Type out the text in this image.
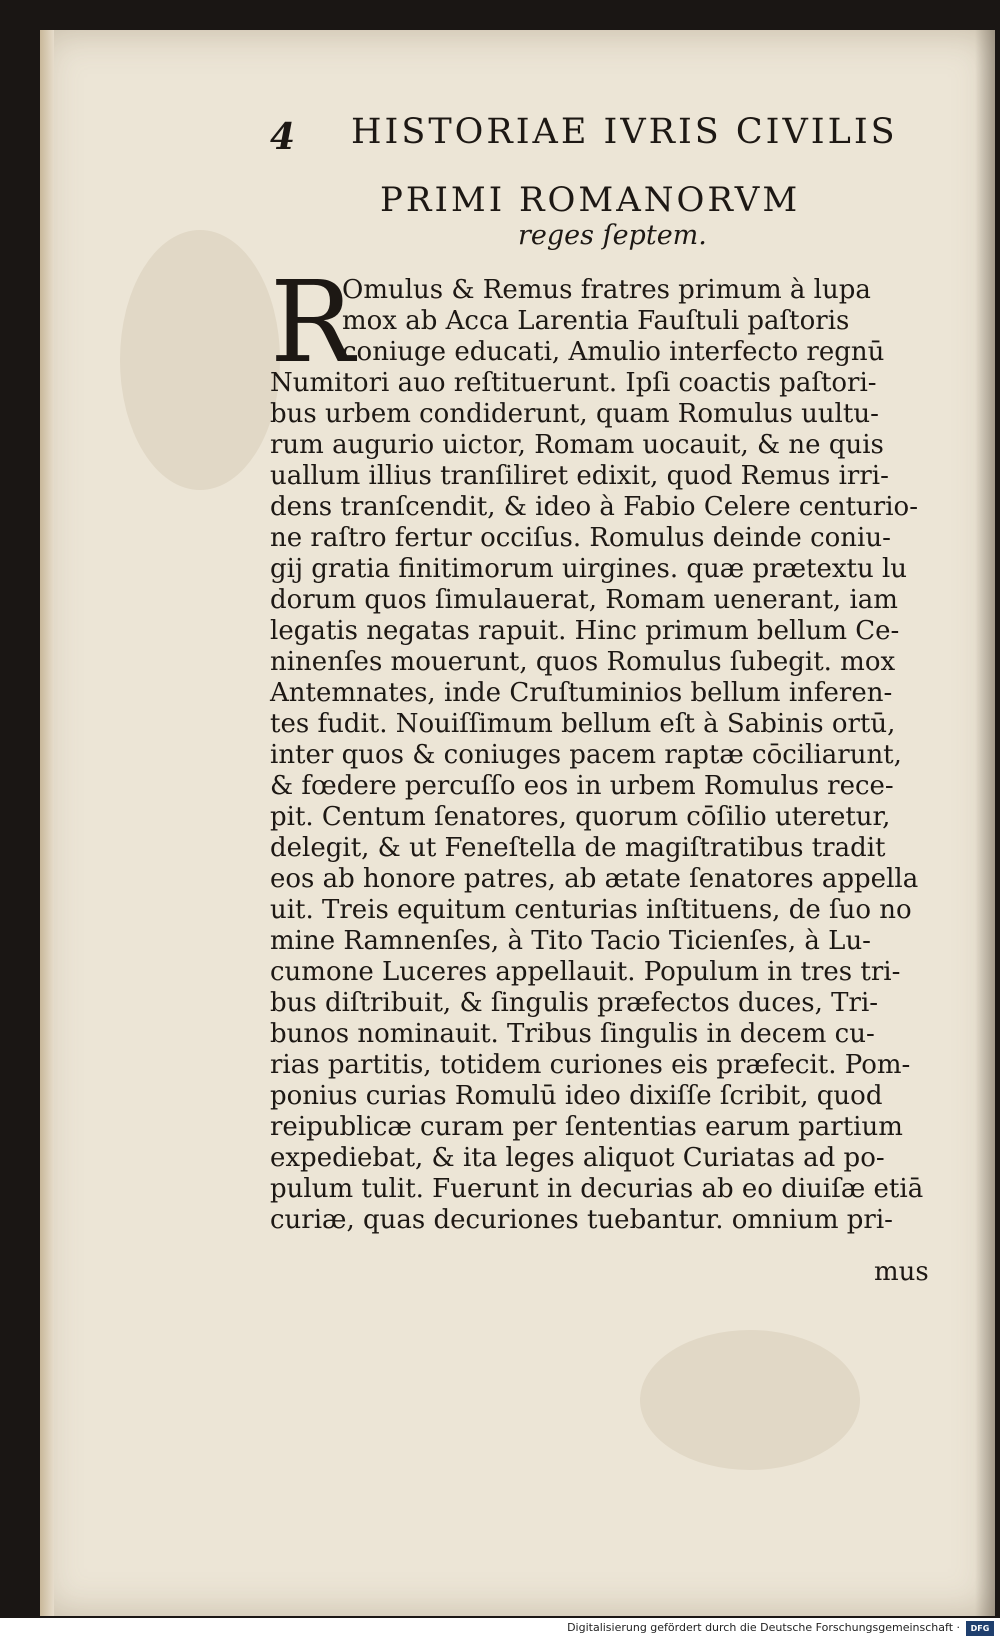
4 HISTORIAE IVRIS CIVILIS
PRIMI ROMANORVM
reges ſeptem.
R
Omulus & Remus fratres primum à lupa
mox ab Acca Larentia Fauſtuli paſtoris
coniuge educati, Amulio interfecto regnū
Numitori auo reſtituerunt. Ipſi coactis paſtori-
bus urbem condiderunt, quam Romulus uultu-
rum augurio uictor, Romam uocauit, & ne quis
uallum illius tranſiliret edixit, quod Remus irri-
dens tranſcendit, & ideo à Fabio Celere centurio-
ne raſtro fertur occiſus. Romulus deinde coniu-
gij gratia finitimorum uirgines. quæ prætextu lu
dorum quos ſimulauerat, Romam uenerant, iam
legatis negatas rapuit. Hinc primum bellum Ce-
ninenſes mouerunt, quos Romulus ſubegit. mox
Antemnates, inde Cruſtuminios bellum inferen-
tes fudit. Nouiſſimum bellum eſt à Sabinis ortū,
inter quos & coniuges pacem raptæ cōciliarunt,
& fœdere percuſſo eos in urbem Romulus rece-
pit. Centum ſenatores, quorum cōſilio uteretur,
delegit, & ut Feneſtella de magiſtratibus tradit
eos ab honore patres, ab ætate ſenatores appella
uit. Treis equitum centurias inſtituens, de ſuo no
mine Ramnenſes, à Tito Tacio Ticienſes, à Lu-
cumone Luceres appellauit. Populum in tres tri-
bus diſtribuit, & ſingulis præfectos duces, Tri-
bunos nominauit. Tribus ſingulis in decem cu-
rias partitis, totidem curiones eis præfecit. Pom-
ponius curias Romulū ideo dixiſſe ſcribit, quod
reipublicæ curam per ſententias earum partium
expediebat, & ita leges aliquot Curiatas ad po-
pulum tulit. Fuerunt in decurias ab eo diuiſæ etiā
curiæ, quas decuriones tuebantur. omnium pri-
mus
Digitalisierung gefördert durch die Deutsche Forschungsgemeinschaft ·	DFG
